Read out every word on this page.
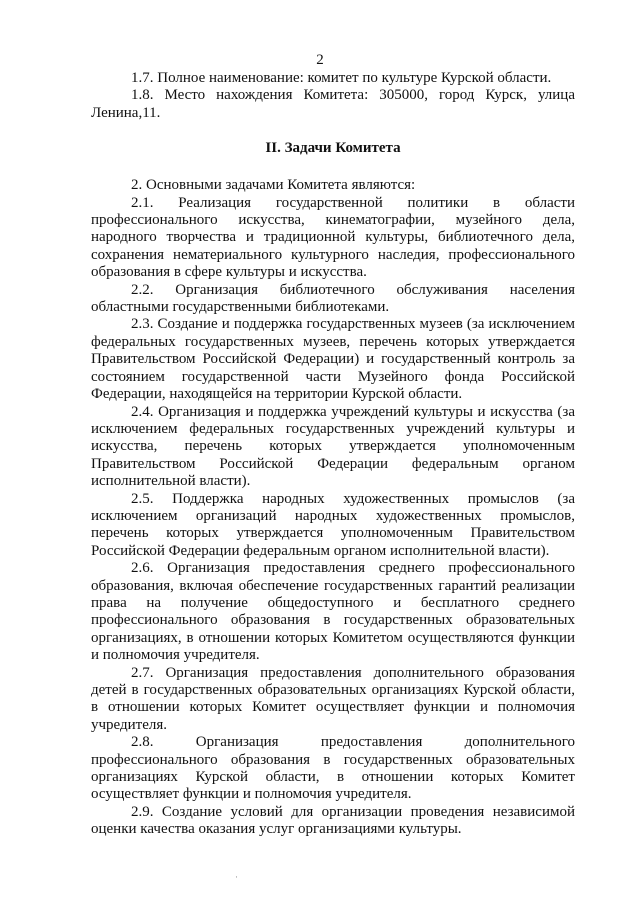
2

1.7. Полное наименование: комитет по культуре Курской области.

1.8. Место нахождения Комитета: 305000, город Курск, улица Ленина,11.

II. Задачи Комитета

2. Основными задачами Комитета являются:

2.1. Реализация государственной политики в области профессионального искусства, кинематографии, музейного дела, народного творчества и традиционной культуры, библиотечного дела, сохранения нематериального культурного наследия, профессионального образования в сфере культуры и искусства.

2.2. Организация библиотечного обслуживания населения областными государственными библиотеками.

2.3. Создание и поддержка государственных музеев (за исключением федеральных государственных музеев, перечень которых утверждается Правительством Российской Федерации) и государственный контроль за состоянием государственной части Музейного фонда Российской Федерации, находящейся на территории Курской области.

2.4. Организация и поддержка учреждений культуры и искусства (за исключением федеральных государственных учреждений культуры и искусства, перечень которых утверждается уполномоченным Правительством Российской Федерации федеральным органом исполнительной власти).

2.5. Поддержка народных художественных промыслов (за исключением организаций народных художественных промыслов, перечень которых утверждается уполномоченным Правительством Российской Федерации федеральным органом исполнительной власти).

2.6. Организация предоставления среднего профессионального образования, включая обеспечение государственных гарантий реализации права на получение общедоступного и бесплатного среднего профессионального образования в государственных образовательных организациях, в отношении которых Комитетом осуществляются функции и полномочия учредителя.

2.7. Организация предоставления дополнительного образования детей в государственных образовательных организациях Курской области, в отношении которых Комитет осуществляет функции и полномочия учредителя.

2.8. Организация предоставления дополнительного профессионального образования в государственных образовательных организациях Курской области, в отношении которых Комитет осуществляет функции и полномочия учредителя.

2.9. Создание условий для организации проведения независимой оценки качества оказания услуг организациями культуры.

·
